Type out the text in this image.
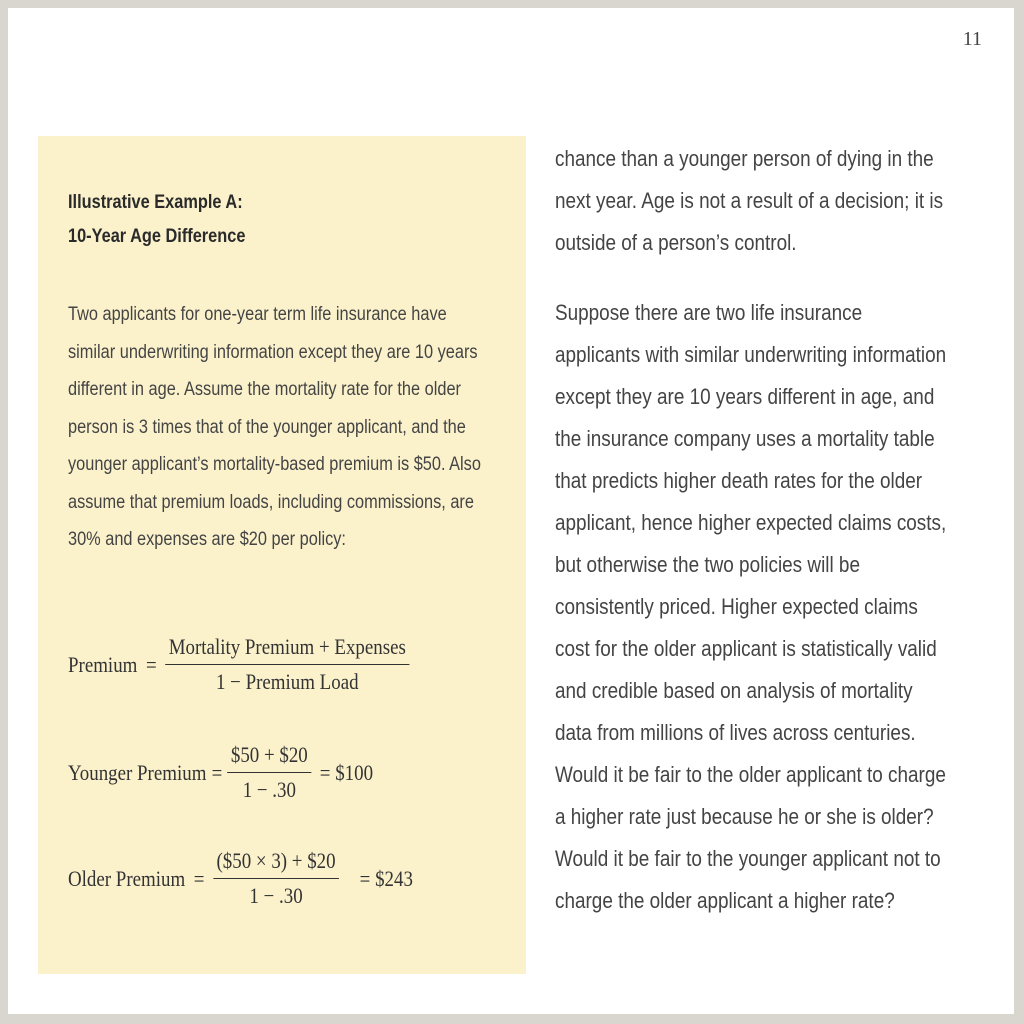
11
Illustrative Example A:
10-Year Age Difference
Two applicants for one-year term life insurance have similar underwriting information except they are 10 years different in age. Assume the mortality rate for the older person is 3 times that of the younger applicant, and the younger applicant’s mortality-based premium is $50. Also assume that premium loads, including commissions, are 30% and expenses are $20 per policy:
Premium = $\frac{\text{Mortality Premium + Expenses}}{\text{1 − Premium Load}}$
Younger Premium = $\frac{\$50 + \$20}{1 - .30}$ = $100
Older Premium = $\frac{(\$50 \times 3) + \$20}{1 - .30}$ = $243

chance than a younger person of dying in the next year. Age is not a result of a decision; it is outside of a person’s control.

Suppose there are two life insurance applicants with similar underwriting information except they are 10 years different in age, and the insurance company uses a mortality table that predicts higher death rates for the older applicant, hence higher expected claims costs, but otherwise the two policies will be consistently priced. Higher expected claims cost for the older applicant is statistically valid and credible based on analysis of mortality data from millions of lives across centuries. Would it be fair to the older applicant to charge a higher rate just because he or she is older? Would it be fair to the younger applicant not to charge the older applicant a higher rate?
